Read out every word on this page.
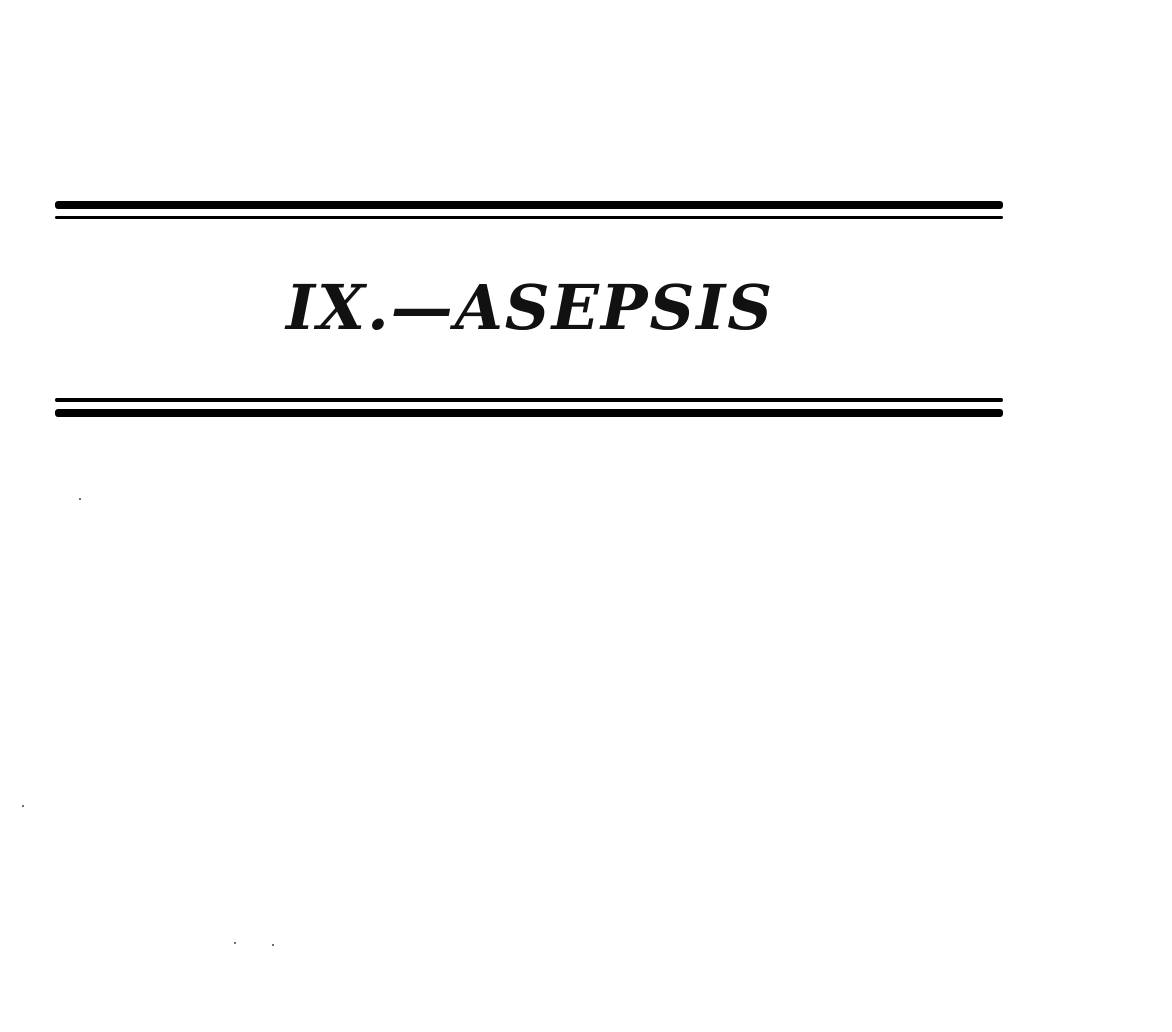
IX.—ASEPSIS
